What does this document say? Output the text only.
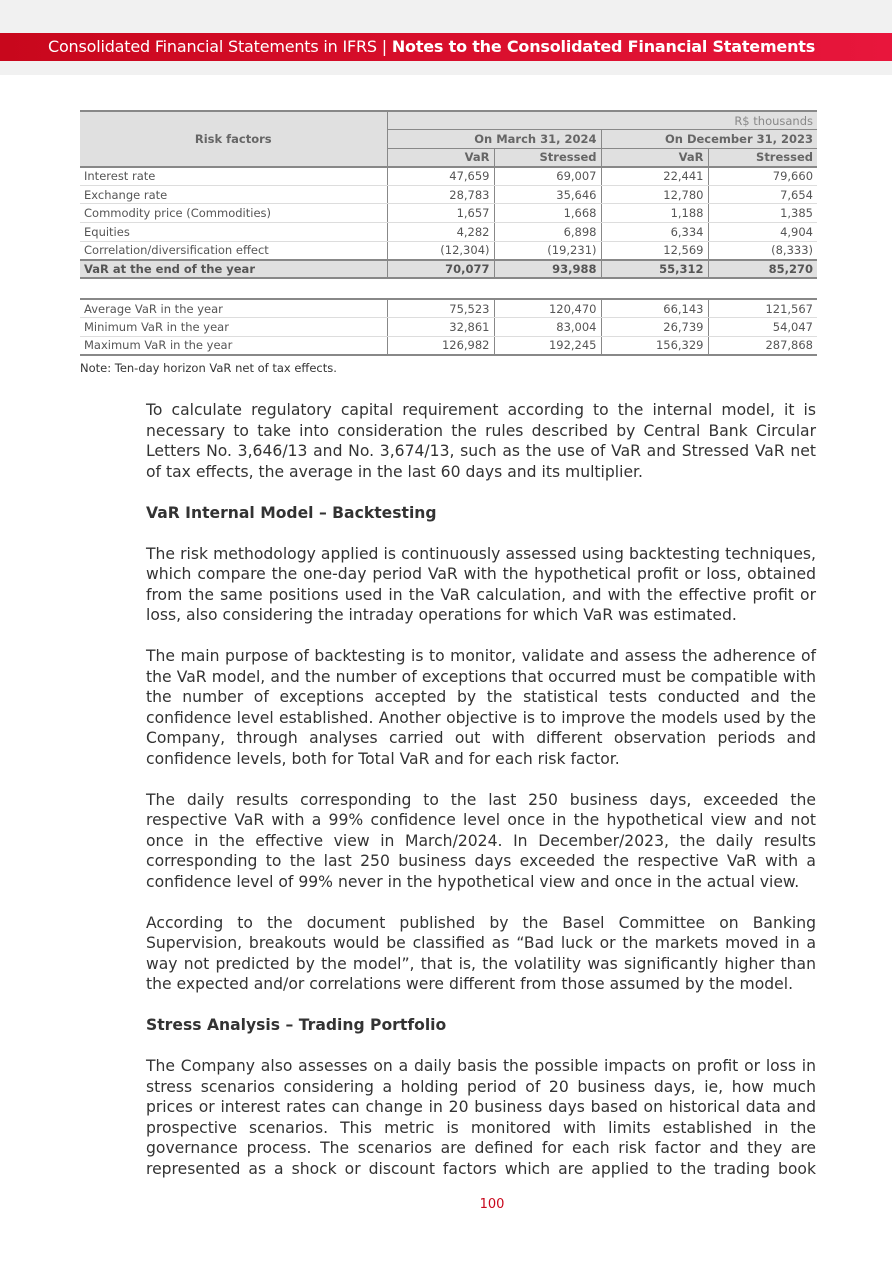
Consolidated Financial Statements in IFRS | Notes to the Consolidated Financial Statements
Risk factors	R$ thousands			
	On March 31, 2024		On December 31, 2023	
	VaR	Stressed	VaR	Stressed
Interest rate	47,659	69,007	22,441	79,660
Exchange rate	28,783	35,646	12,780	7,654
Commodity price (Commodities)	1,657	1,668	1,188	1,385
Equities	4,282	6,898	6,334	4,904
Correlation/diversification effect	(12,304)	(19,231)	12,569	(8,333)
VaR at the end of the year	70,077	93,988	55,312	85,270
Average VaR in the year	75,523	120,470	66,143	121,567
Minimum VaR in the year	32,861	83,004	26,739	54,047
Maximum VaR in the year	126,982	192,245	156,329	287,868
Note: Ten-day horizon VaR net of tax effects.

To calculate regulatory capital requirement according to the internal model, it is necessary to take into consideration the rules described by Central Bank Circular Letters No. 3,646/13 and No. 3,674/13, such as the use of VaR and Stressed VaR net of tax effects, the average in the last 60 days and its multiplier.

VaR Internal Model – Backtesting

The risk methodology applied is continuously assessed using backtesting techniques, which compare the one-day period VaR with the hypothetical profit or loss, obtained from the same positions used in the VaR calculation, and with the effective profit or loss, also considering the intraday operations for which VaR was estimated.

The main purpose of backtesting is to monitor, validate and assess the adherence of the VaR model, and the number of exceptions that occurred must be compatible with the number of exceptions accepted by the statistical tests conducted and the confidence level established. Another objective is to improve the models used by the Company, through analyses carried out with different observation periods and confidence levels, both for Total VaR and for each risk factor.

The daily results corresponding to the last 250 business days, exceeded the respective VaR with a 99% confidence level once in the hypothetical view and not once in the effective view in March/2024. In December/2023, the daily results corresponding to the last 250 business days exceeded the respective VaR with a confidence level of 99% never in the hypothetical view and once in the actual view.

According to the document published by the Basel Committee on Banking Supervision, breakouts would be classified as “Bad luck or the markets moved in a way not predicted by the model”, that is, the volatility was significantly higher than the expected and/or correlations were different from those assumed by the model.

Stress Analysis – Trading Portfolio

The Company also assesses on a daily basis the possible impacts on profit or loss in stress scenarios considering a holding period of 20 business days, ie, how much prices or interest rates can change in 20 business days based on historical data and prospective scenarios. This metric is monitored with limits established in the governance process. The scenarios are defined for each risk factor and they are represented as a shock or discount factors which are applied to the trading book

100
